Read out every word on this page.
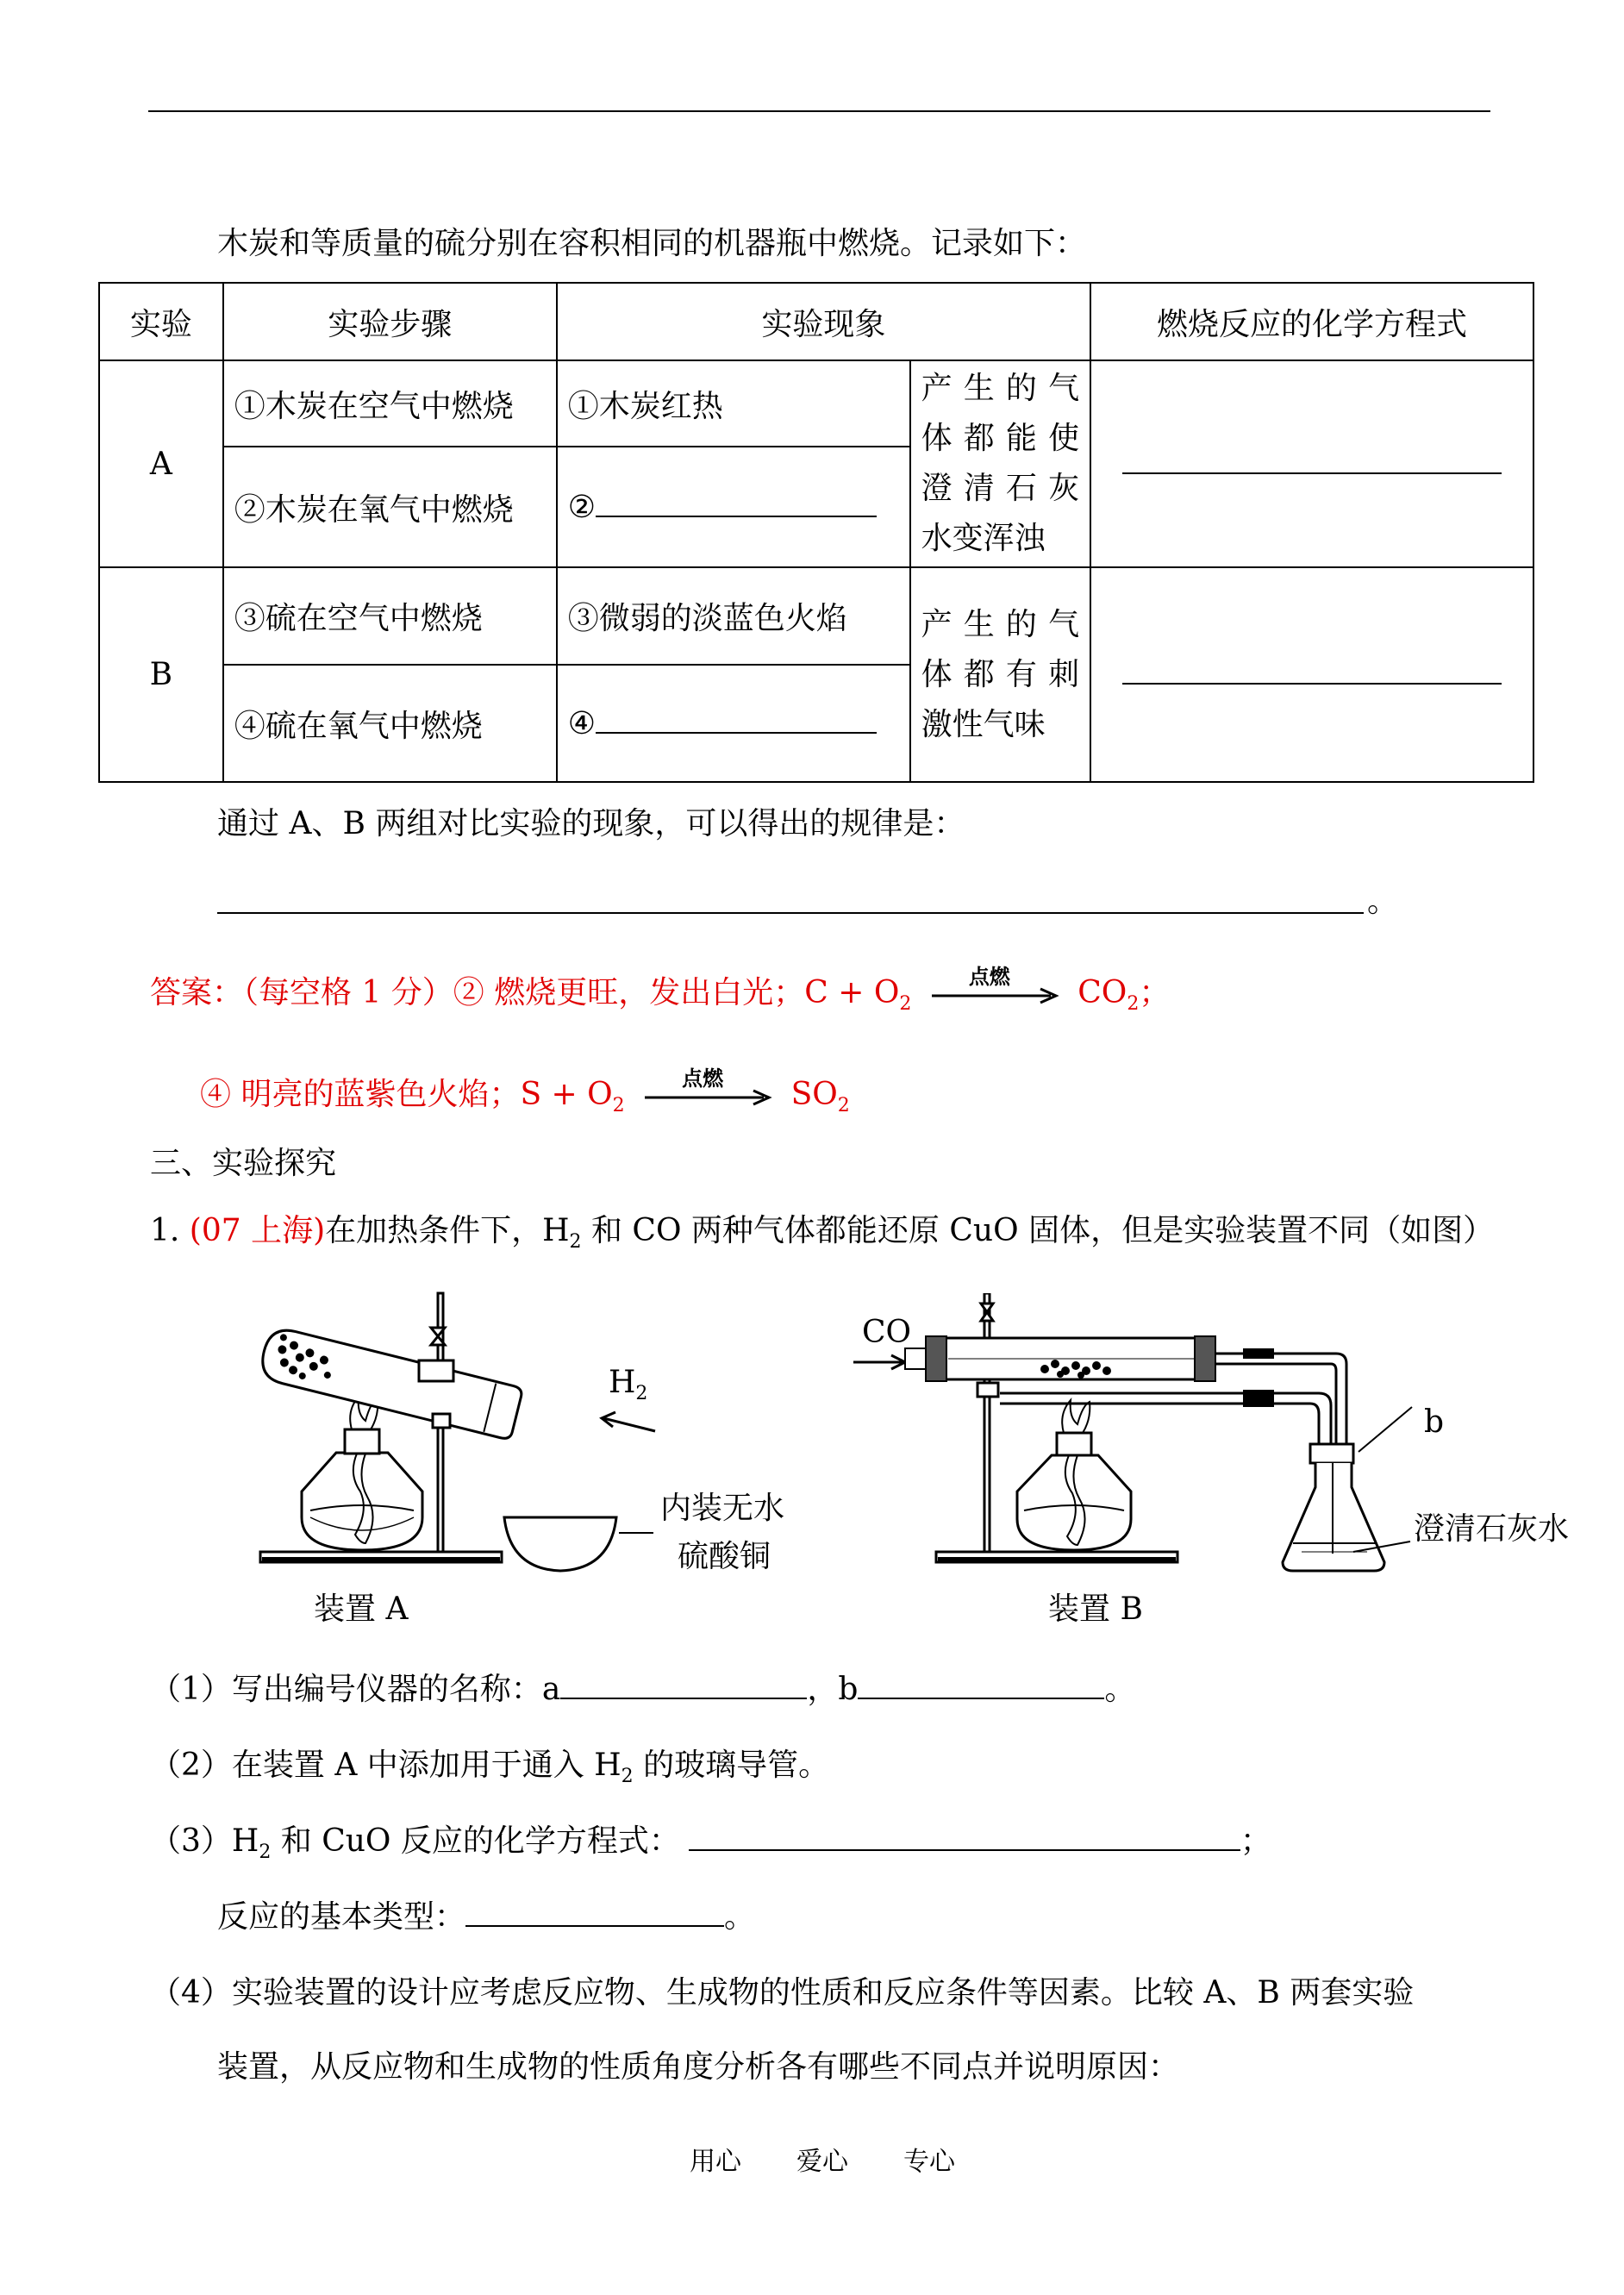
木炭和等质量的硫分别在容积相同的机器瓶中燃烧。记录如下：
实验	实验步骤	实验现象		燃烧反应的化学方程式
A	①木炭在空气中燃烧	①木炭红热	产 生 的 气
体 都 能 使
澄 清 石 灰
水变浑浊	

	②木炭在氧气中燃烧	②		
B	③硫在空气中燃烧	③微弱的淡蓝色火焰	产 生 的 气
体 都 有 刺
激性气味	

	④硫在氧气中燃烧	④		
通过 A、B 两组对比实验的现象，可以得出的规律是：
。
答案：（每空格 1 分）② 燃烧更旺，发出白光；$C + O_2$
点燃 $CO_2$；
④ 明亮的蓝紫色火焰；$S + O_2$
点燃 $SO_2$
三、实验探究
1. (07 上海)在加热条件下，$H_2$ 和 CO 两种气体都能还原 CuO 固体，但是实验装置不同（如图）
$H_2$
内装无水
硫酸铜
装置 A
CO
b
澄清石灰水
装置 B
（1）写出编号仪器的名称：a	，b	。
（2）在装置 A 中添加用于通入 $H_2$ 的玻璃导管。
$(3)H_2$ 和 CuO 反应的化学方程式：	；
反应的基本类型：	。
（4）实验装置的设计应考虑反应物、生成物的性质和反应条件等因素。比较 A、B 两套实验
装置，从反应物和生成物的性质角度分析各有哪些不同点并说明原因：
用心 爱心 专心
